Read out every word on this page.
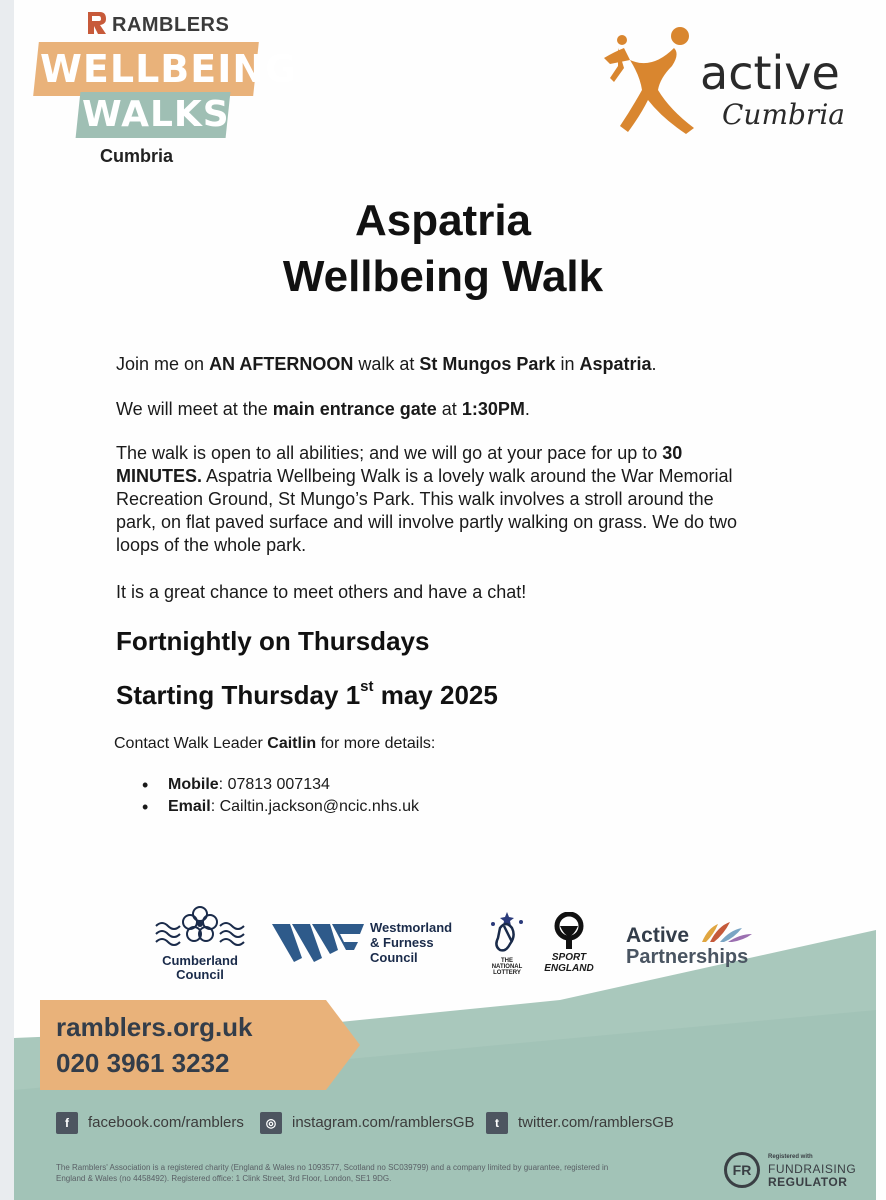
RAMBLERS
WELLBEING
WALKS
Cumbria
active
Cumbria
Aspatria
Wellbeing Walk
Join me on AN AFTERNOON walk at St Mungos Park in Aspatria.
We will meet at the main entrance gate at 1:30PM.
The walk is open to all abilities; and we will go at your pace for up to 30 MINUTES. Aspatria Wellbeing Walk is a lovely walk around the War Memorial Recreation Ground, St Mungo’s Park. This walk involves a stroll around the park, on flat paved surface and will involve partly walking on grass. We do two loops of the whole park.
It is a great chance to meet others and have a chat!
Fortnightly on Thursdays
Starting Thursday 1st may 2025
Contact Walk Leader Caitlin for more details:
• Mobile: 07813 007134
• Email: Cailtin.jackson@ncic.nhs.uk
ramblers.org.uk
020 3961 3232
Cumberland
Council
Westmorland
& Furness
Council	THE
NATIONAL
LOTTERY
SPORT
ENGLAND
Active
Partnerships
f facebook.com/ramblers	◎ instagram.com/ramblersGB	t twitter.com/ramblersGB
The Ramblers' Association is a registered charity (England & Wales no 1093577, Scotland no SC039799) and a company limited by guarantee, registered in England & Wales (no 4458492). Registered office: 1 Clink Street, 3rd Floor, London, SE1 9DG.
FR
Registered with
FUNDRAISING
REGULATOR
